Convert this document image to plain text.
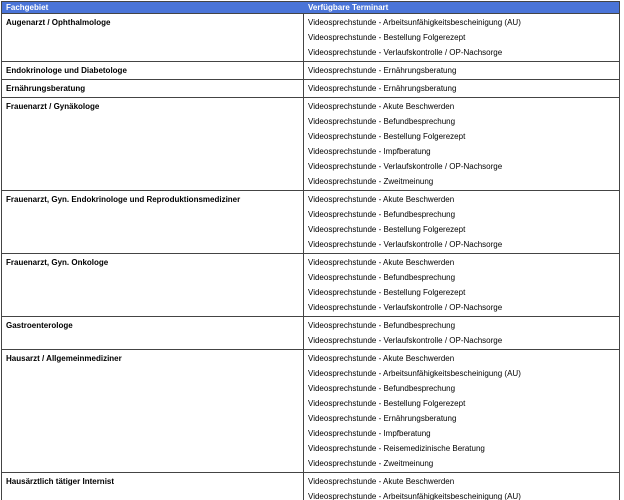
Fachgebiet	Verfügbare Terminart
Augenarzt / Ophthalmologe	Videosprechstunde - Arbeitsunfähigkeitsbescheinigung (AU)
Videosprechstunde - Bestellung Folgerezept
Videosprechstunde - Verlaufskontrolle / OP-Nachsorge
Endokrinologe und Diabetologe	Videosprechstunde - Ernährungsberatung
Ernährungsberatung	Videosprechstunde - Ernährungsberatung
Frauenarzt / Gynäkologe	Videosprechstunde - Akute Beschwerden
Videosprechstunde - Befundbesprechung
Videosprechstunde - Bestellung Folgerezept
Videosprechstunde - Impfberatung
Videosprechstunde - Verlaufskontrolle / OP-Nachsorge
Videosprechstunde - Zweitmeinung
Frauenarzt, Gyn. Endokrinologe und Reproduktionsmediziner	Videosprechstunde - Akute Beschwerden
Videosprechstunde - Befundbesprechung
Videosprechstunde - Bestellung Folgerezept
Videosprechstunde - Verlaufskontrolle / OP-Nachsorge
Frauenarzt, Gyn. Onkologe	Videosprechstunde - Akute Beschwerden
Videosprechstunde - Befundbesprechung
Videosprechstunde - Bestellung Folgerezept
Videosprechstunde - Verlaufskontrolle / OP-Nachsorge
Gastroenterologe	Videosprechstunde - Befundbesprechung
Videosprechstunde - Verlaufskontrolle / OP-Nachsorge
Hausarzt / Allgemeinmediziner	Videosprechstunde - Akute Beschwerden
Videosprechstunde - Arbeitsunfähigkeitsbescheinigung (AU)
Videosprechstunde - Befundbesprechung
Videosprechstunde - Bestellung Folgerezept
Videosprechstunde - Ernährungsberatung
Videosprechstunde - Impfberatung
Videosprechstunde - Reisemedizinische Beratung
Videosprechstunde - Zweitmeinung
Hausärztlich tätiger Internist	Videosprechstunde - Akute Beschwerden
Videosprechstunde - Arbeitsunfähigkeitsbescheinigung (AU)
